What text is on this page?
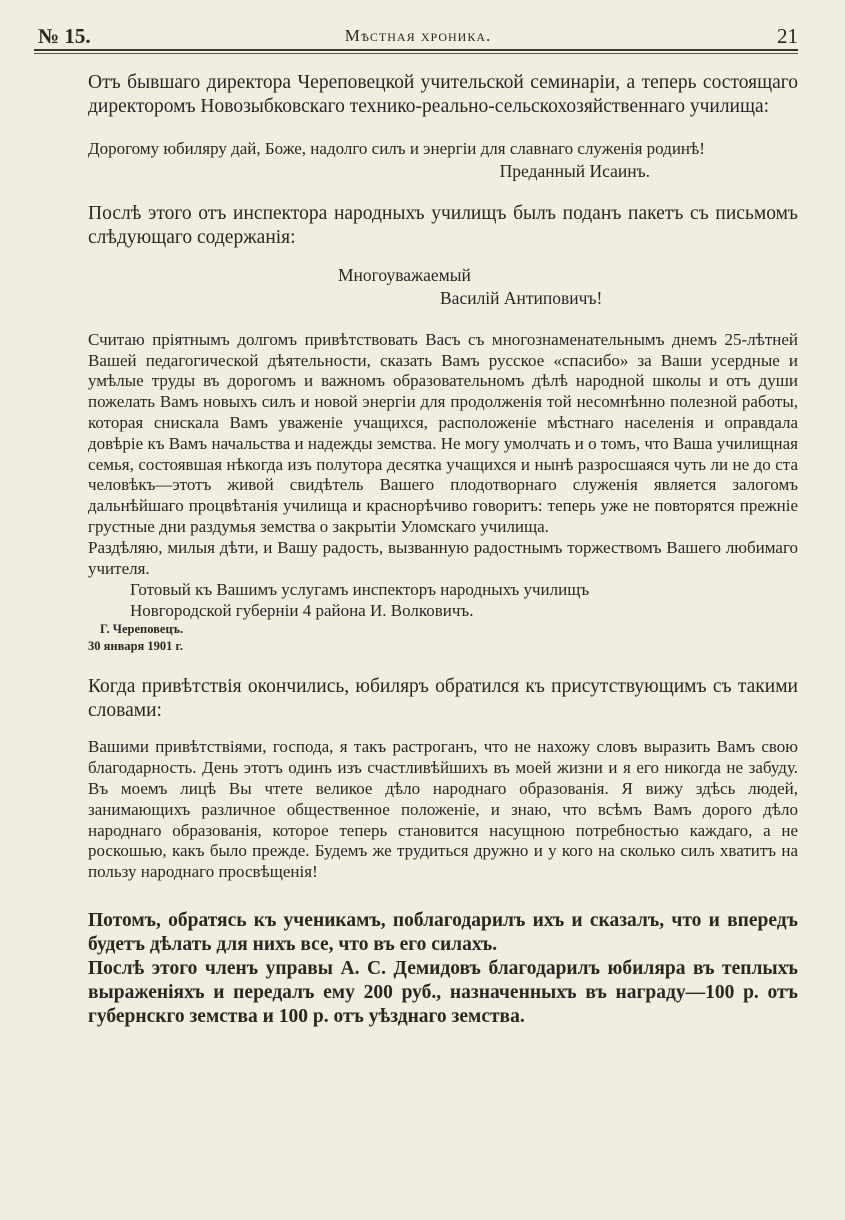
№ 15.	Мѣстная хроника.	21

Отъ бывшаго директора Череповецкой учительской семинаріи, а теперь состоящаго директоромъ Новозыбковскаго технико-реально-сельскохозяйственнаго училища:

Дорогому юбиляру дай, Боже, надолго силъ и энергіи для славнаго служенія родинѣ!

Преданный Исаинъ.

Послѣ этого отъ инспектора народныхъ училищъ былъ поданъ пакетъ съ письмомъ слѣдующаго содержанія:

Многоуважаемый

Василій Антиповичъ!

Считаю пріятнымъ долгомъ привѣтствовать Васъ съ многознаменательнымъ днемъ 25-лѣтней Вашей педагогической дѣятельности, сказать Вамъ русское «спасибо» за Ваши усердные и умѣлые труды въ дорогомъ и важномъ образовательномъ дѣлѣ народной школы и отъ души пожелать Вамъ новыхъ силъ и новой энергіи для продолженія той несомнѣнно полезной работы, которая снискала Вамъ уваженіе учащихся, расположеніе мѣстнаго населенія и оправдала довѣріе къ Вамъ начальства и надежды земства. Не могу умолчать и о томъ, что Ваша училищная семья, состоявшая нѣкогда изъ полутора десятка учащихся и нынѣ разросшаяся чуть ли не до ста человѣкъ—этотъ живой свидѣтель Вашего плодотворнаго служенія является залогомъ дальнѣйшаго процвѣтанія училища и краснорѣчиво говоритъ: теперь уже не повторятся прежніе грустные дни раздумья земства о закрытіи Уломскаго училища.

Раздѣляю, милыя дѣти, и Вашу радость, вызванную радостнымъ торжествомъ Вашего любимаго учителя.

Готовый къ Вашимъ услугамъ инспекторъ народныхъ училищъ

Новгородской губерніи 4 района И. Волковичъ.

Г. Череповецъ.

30 января 1901 г.

Когда привѣтствія окончились, юбиляръ обратился къ присутствующимъ съ такими словами:

Вашими привѣтствіями, господа, я такъ растроганъ, что не нахожу словъ выразить Вамъ свою благодарность. День этотъ одинъ изъ счастливѣйшихъ въ моей жизни и я его никогда не забуду. Въ моемъ лицѣ Вы чтете великое дѣло народнаго образованія. Я вижу здѣсь людей, занимающихъ различное общественное положеніе, и знаю, что всѣмъ Вамъ дорого дѣло народнаго образованія, которое теперь становится насущною потребностью каждаго, а не роскошью, какъ было прежде. Будемъ же трудиться дружно и у кого на сколько силъ хватитъ на пользу народнаго просвѣщенія!

Потомъ, обратясь къ ученикамъ, поблагодарилъ ихъ и сказалъ, что и впередъ будетъ дѣлать для нихъ все, что въ его силахъ.

Послѣ этого членъ управы А. С. Демидовъ благодарилъ юбиляра въ теплыхъ выраженіяхъ и передалъ ему 200 руб., назначенныхъ въ награду—100 р. отъ губернскго земства и 100 р. отъ уѣзднаго земства.
